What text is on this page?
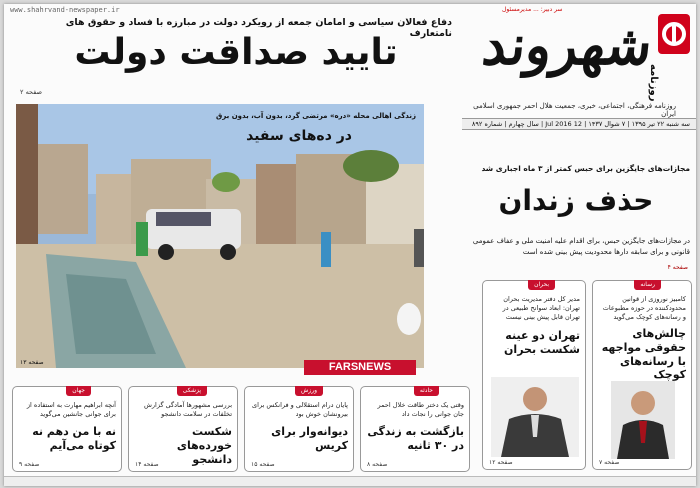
www.shahrvand-newspaper.ir
دفاع فعالان سیاسی و امامان جمعه از رویکرد دولت در مبارزه با فساد و حقوق های نامتعارف
تایید صداقت دولت
صفحه ۲
سر دبیر: ... مدیرمسئول
شهروند
روزنامه
روزنامه فرهنگی، اجتماعی، خبری، جمعیت هلال احمر جمهوری اسلامی ایران
سه شنبه ۲۲ تیر ۱۳۹۵ | ۷ شوال ۱۴۳۷ | 12 Jul 2016 | سال چهارم | شماره ۸۹۲
زندگی اهالی محله «دره» مرتضی گرد، بدون آب، بدون برق
در ده‌های سفید
صفحه ۱۳	FARSNEWS
مجازات‌های جایگزین برای حبس کمتر از ۳ ماه اجباری شد
حذف زندان
در مجازات‌های جایگزین حبس، برای اقدام علیه امنیت ملی و عفاف عمومی قانونی و برای سابقه دارها محدودیت پیش بینی شده است
صفحه ۴
رسانه
کامبیز نوروزی از قوانین محدودکننده در حوزه مطبوعات و رسانه‌های کوچک می‌گوید
چالش‌های حقوقی مواجهه با رسانه‌های کوچک
صفحه ۷
بحران
مدیر کل دفتر مدیریت بحران تهران: ابعاد سوانح طبیعی در تهران قابل پیش بینی نیست
تهران دو عینه شکست بحران
صفحه ۱۲
حادثه
وقتی یک دختر طاقت خلال احمر جان جوانی را نجات داد
بازگشت به زندگی در ۳۰ ثانیه
صفحه ۸
ورزش
پایان درام استقلالی و فرانکس برای بیرونشان خوش بود
دیوانه‌وار برای کریس
صفحه ۱۵
پزشکی
بررسی مشهورها آمادگی گزارش تخلفات در سلامت دانشجو
شکست خورده‌های دانشجو
صفحه ۱۴
جهان
آنچه ابراهیم مهارت به استفاده از برای جوانی جانشین می‌گوید
نه با من دهم نه کوتاه می‌آیم
صفحه ۹
